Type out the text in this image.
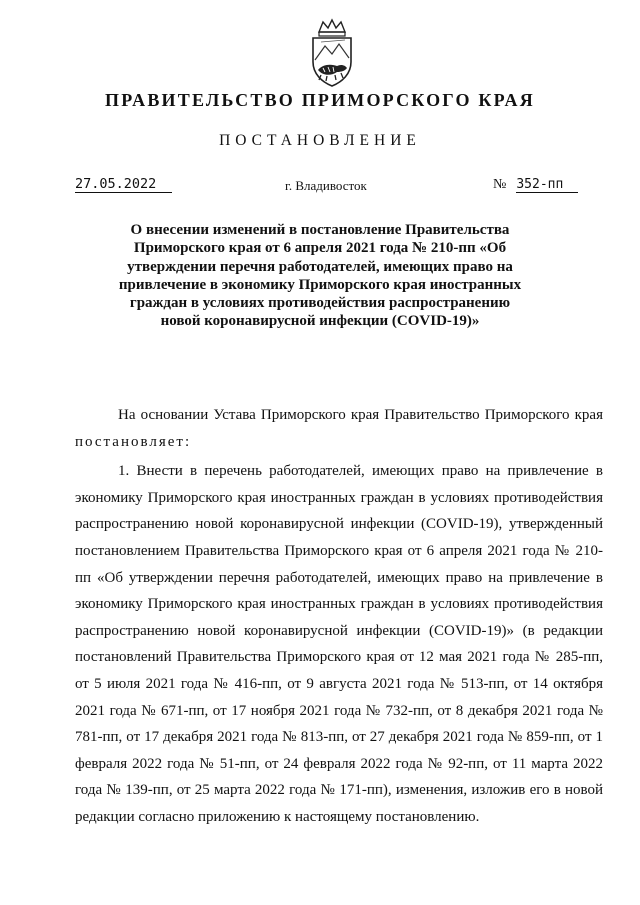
ПРАВИТЕЛЬСТВО ПРИМОРСКОГО КРАЯ
ПОСТАНОВЛЕНИЕ
27.05.2022	г. Владивосток	№ 352-пп
О внесении изменений в постановление Правительства Приморского края от 6 апреля 2021 года № 210-пп «Об утверждении перечня работодателей, имеющих право на привлечение в экономику Приморского края иностранных граждан в условиях противодействия распространению новой коронавирусной инфекции (COVID-19)»

На основании Устава Приморского края Правительство Приморского края постановляет:

1. Внести в перечень работодателей, имеющих право на привлечение в экономику Приморского края иностранных граждан в условиях противодействия распространению новой коронавирусной инфекции (COVID-19), утвержденный постановлением Правительства Приморского края от 6 апреля 2021 года № 210-пп «Об утверждении перечня работодателей, имеющих право на привлечение в экономику Приморского края иностранных граждан в условиях противодействия распространению новой коронавирусной инфекции (COVID-19)» (в редакции постановлений Правительства Приморского края от 12 мая 2021 года № 285-пп, от 5 июля 2021 года № 416-пп, от 9 августа 2021 года № 513-пп, от 14 октября 2021 года № 671-пп, от 17 ноября 2021 года № 732-пп, от 8 декабря 2021 года № 781-пп, от 17 декабря 2021 года № 813-пп, от 27 декабря 2021 года № 859-пп, от 1 февраля 2022 года № 51-пп, от 24 февраля 2022 года № 92-пп, от 11 марта 2022 года № 139-пп, от 25 марта 2022 года № 171-пп), изменения, изложив его в новой редакции согласно приложению к настоящему постановлению.
